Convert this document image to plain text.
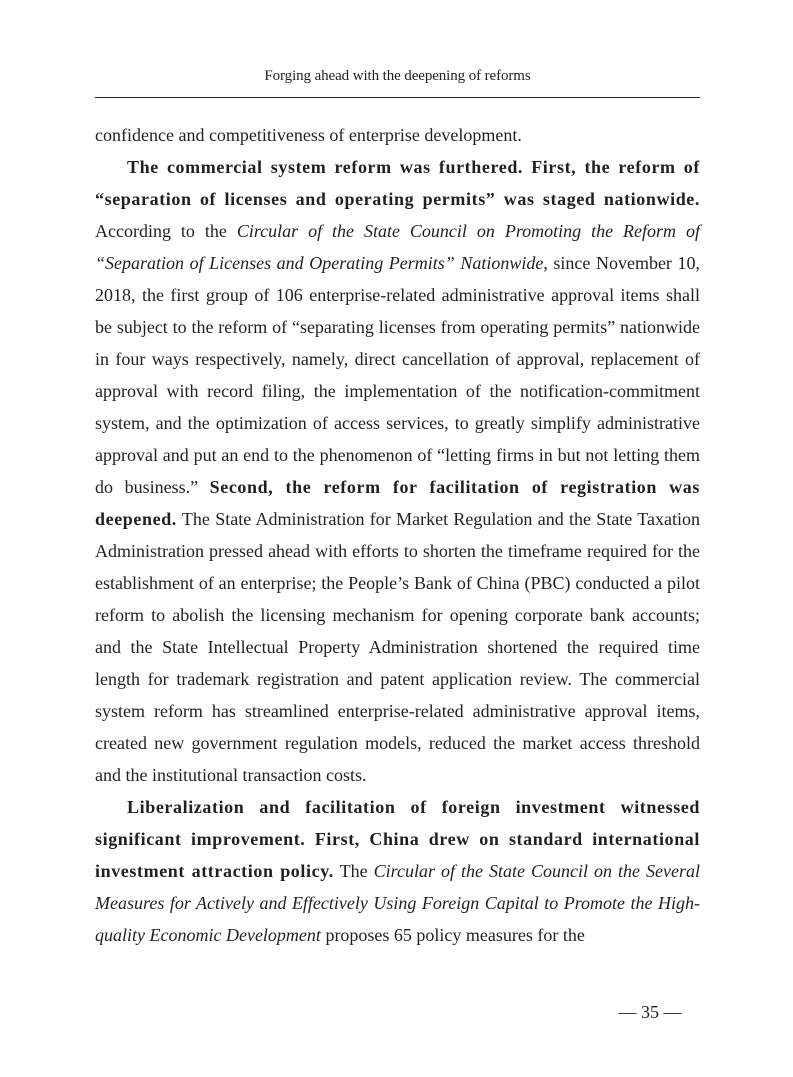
Forging ahead with the deepening of reforms

confidence and competitiveness of enterprise development.

The commercial system reform was furthered. First, the reform of “separation of licenses and operating permits” was staged nationwide. According to the Circular of the State Council on Promoting the Reform of “Separation of Licenses and Operating Permits” Nationwide, since November 10, 2018, the first group of 106 enterprise-related administrative approval items shall be subject to the reform of “separating licenses from operating permits” nationwide in four ways respectively, namely, direct cancellation of approval, replacement of approval with record filing, the implementation of the notification-commitment system, and the optimization of access services, to greatly simplify administrative approval and put an end to the phenomenon of “letting firms in but not letting them do business.” Second, the reform for facilitation of registration was deepened. The State Administration for Market Regulation and the State Taxation Administration pressed ahead with efforts to shorten the timeframe required for the establishment of an enterprise; the People’s Bank of China (PBC) conducted a pilot reform to abolish the licensing mechanism for opening corporate bank accounts; and the State Intellectual Property Administration shortened the required time length for trademark registration and patent application review. The commercial system reform has streamlined enterprise-related administrative approval items, created new government regulation models, reduced the market access threshold and the institutional transaction costs.

Liberalization and facilitation of foreign investment witnessed significant improvement. First, China drew on standard international investment attraction policy. The Circular of the State Council on the Several Measures for Actively and Effectively Using Foreign Capital to Promote the High-quality Economic Development proposes 65 policy measures for the

— 35 —
